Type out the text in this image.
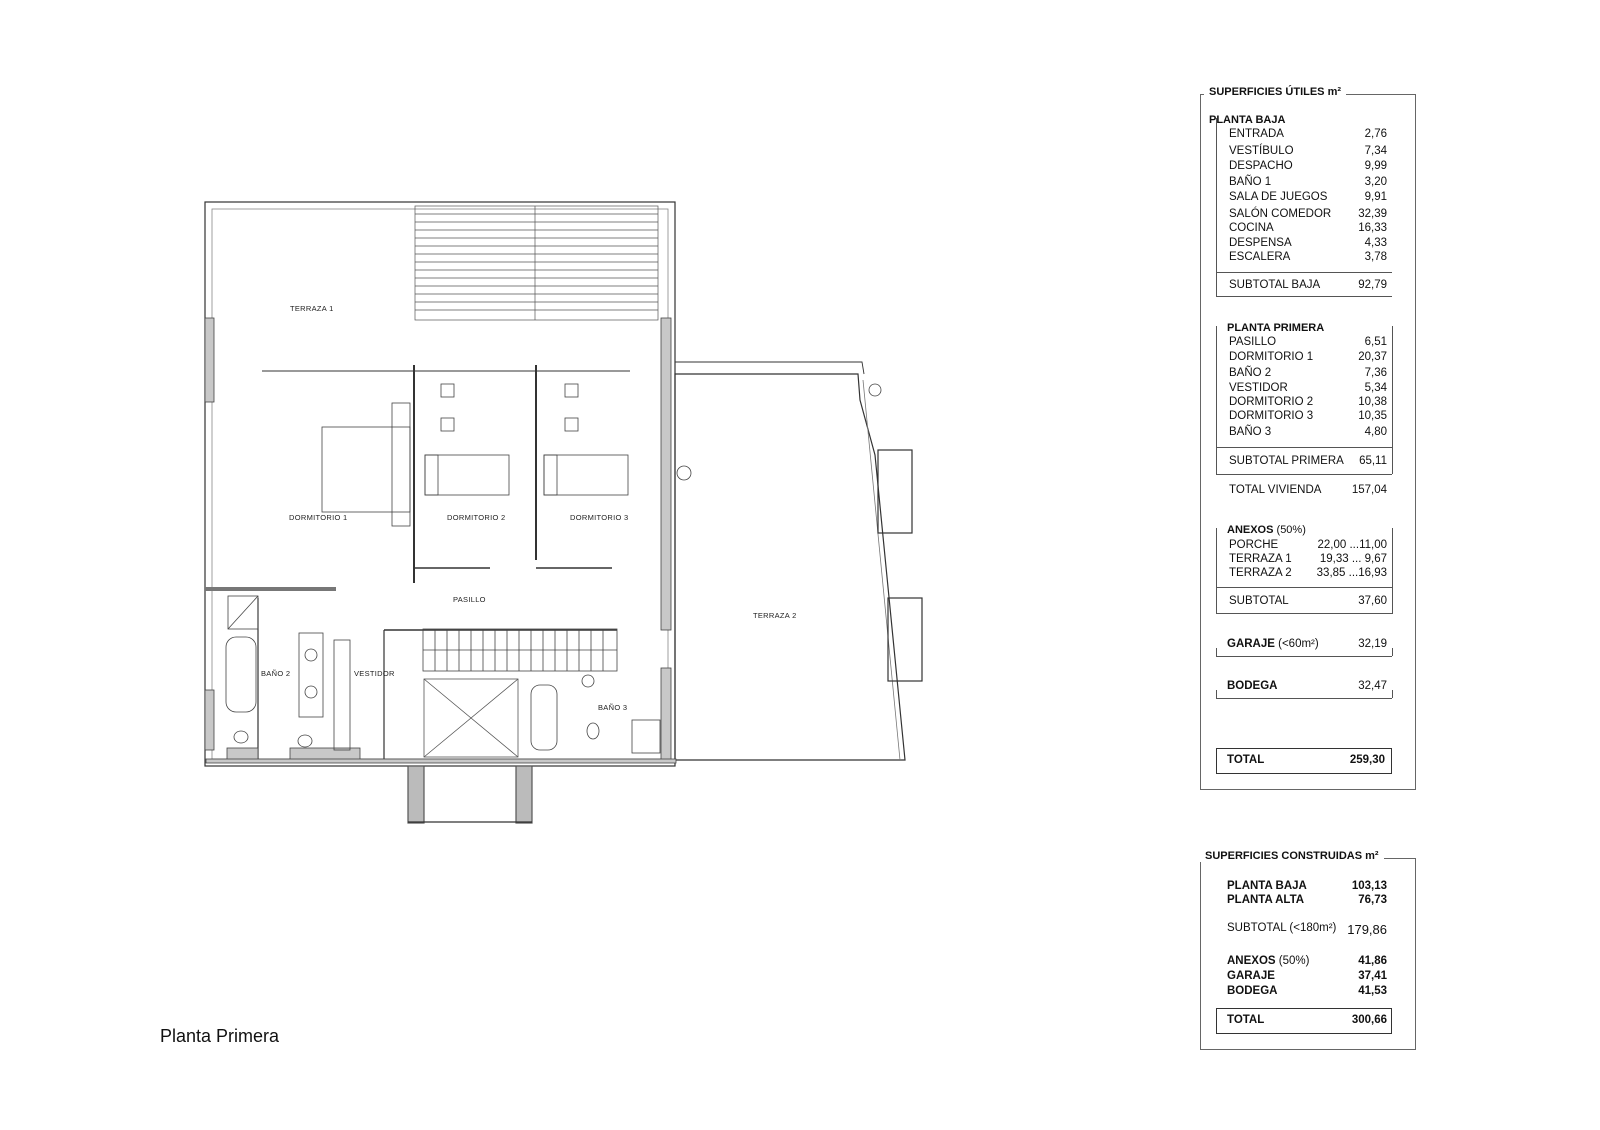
TERRAZA 1
DORMITORIO 1	DORMITORIO 2	DORMITORIO 3
PASILLO
TERRAZA 2
BAÑO 2	VESTIDOR
BAÑO 3
Planta Primera
SUPERFICIES ÚTILES m²
PLANTA BAJA
ENTRADA	2,76
VESTÍBULO	7,34
DESPACHO	9,99
BAÑO 1	3,20
SALA DE JUEGOS	9,91
SALÓN COMEDOR 32,39
COCINA	16,33
DESPENSA	4,33
ESCALERA	3,78
SUBTOTAL BAJA	92,79
PLANTA PRIMERA
PASILLO	6,51
DORMITORIO 1	20,37
BAÑO 2	7,36
VESTIDOR	5,34
DORMITORIO 2	10,38
DORMITORIO 3	10,35
BAÑO 3	4,80
SUBTOTAL PRIMERA 65,11
TOTAL VIVIENDA	157,04
ANEXOS (50%)
PORCHE	22,00 ...11,00
TERRAZA 1 19,33 ... 9,67
TERRAZA 2 33,85 ...16,93
SUBTOTAL	37,60
GARAJE (<60m²)	32,19
BODEGA	32,47
TOTAL	259,30
SUPERFICIES CONSTRUIDAS m²
PLANTA BAJA	103,13
PLANTA ALTA	76,73
SUBTOTAL (<180m²) 179,86
ANEXOS (50%)	41,86
GARAJE	37,41
BODEGA	41,53
TOTAL	300,66
